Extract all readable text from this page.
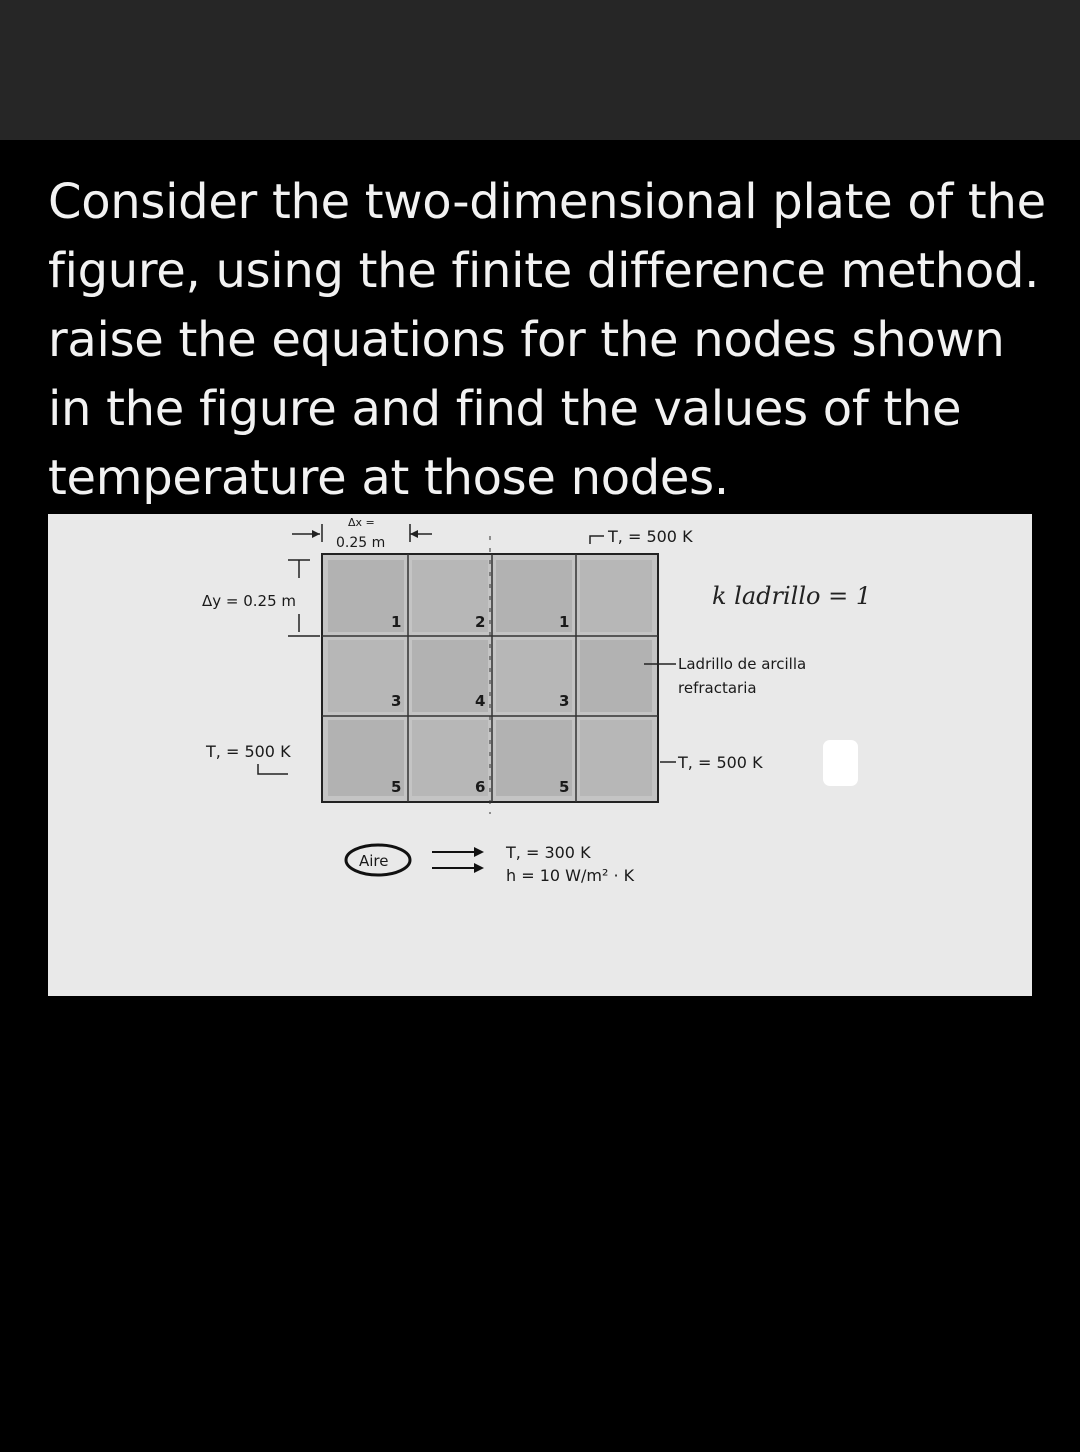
Consider the two-dimensional plate of the figure, using the finite difference method. raise the equations for the nodes shown in the figure and find the values of the temperature at those nodes.
1	2	1
3	4	3
5	6	5
Δx =
0.25 m
Δy = 0.25 m
T, = 500 K
T, = 500 K
T, = 500 K
Ladrillo de arcilla
refractaria
k ladrillo = 1
Aire	T, = 300 K
h = 10 W/m² · K
